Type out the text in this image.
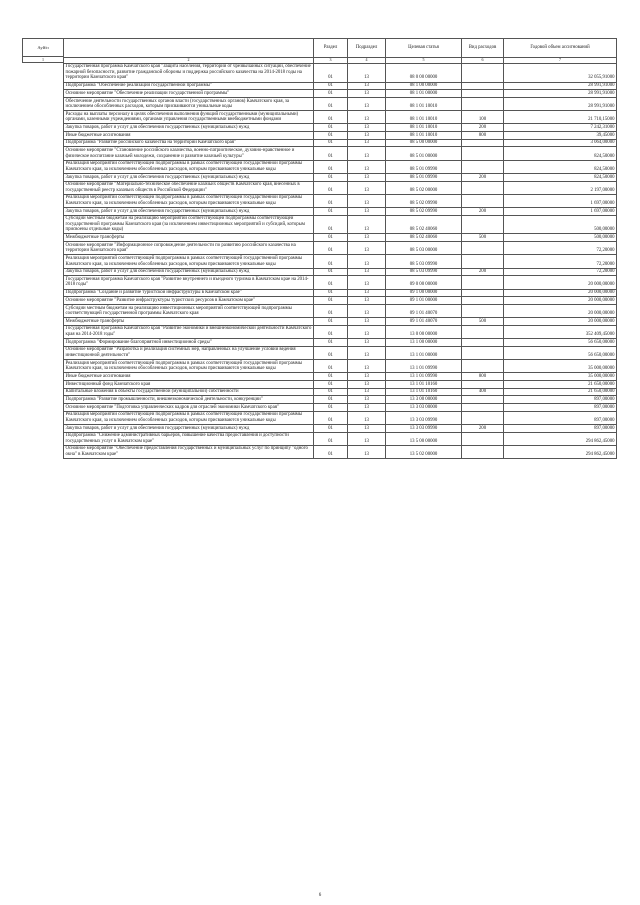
Ауй/п
1
	Раздел	Подраздел	Целевая статья	Вид расходов	Годовой объем ассигнований
2	3	4	5	6	7
Государственная программа Камчатского края "Защита населения, территорий от чрезвычайных ситуаций, обеспечение пожарной безопасности, развитие гражданской обороны и поддержка российского казачества на 2014-2018 годы на территории Камчатского края"	01	13	08 0 00 00000		32 055,91000
Подпрограмма "Обеспечение реализации государственной программы"	01	13	08 1 00 00000		28 991,91000
Основное мероприятие "Обеспечение реализации государственной программы"	01	13	08 1 01 00000		28 991,91000
Обеспечение деятельности государственных органов власти (государственных органов) Камчатского края, за исключением обособленных расходов, которым присваиваются уникальные коды	01	13	08 1 01 10010		28 991,91000
Расходы на выплаты персоналу в целях обеспечения выполнения функций государственными (муниципальными) органами, казенными учреждениями, органами управления государственными внебюджетными фондами	01	13	08 1 01 10010	100	21 710,15000
Закупка товаров, работ и услуг для обеспечения государственных (муниципальных) нужд	01	13	08 1 01 10010	200	7 242,31000
Иные бюджетные ассигнования	01	13	08 1 01 10010	800	39,45000
Подпрограмма "Развитие российского казачества на территории Камчатского края"	01	13	08 5 00 00000		3 064,00000
Основное мероприятие "Становление российского казачества, военно-патриотическое, духовно-нравственное и физическое воспитание казачьей молодежи, сохранение и развитие казачьей культуры"	01	13	08 5 01 00000		824,50000
Реализация мероприятий соответствующей подпрограммы в рамках соответствующей государственной программы Камчатского края, за исключением обособленных расходов, которым присваиваются уникальные коды	01	13	08 5 01 09990		824,50000
Закупка товаров, работ и услуг для обеспечения государственных (муниципальных) нужд	01	13	08 5 01 09990	200	824,50000
Основное мероприятие "Материально-техническое обеспечение казачьих обществ Камчатского края, внесенных в государственный реестр казачьих обществ в Российской Федерации"	01	13	08 5 02 00000		2 197,00000
Реализация мероприятий соответствующей подпрограммы в рамках соответствующей государственной программы Камчатского края, за исключением обособленных расходов, которым присваиваются уникальные коды	01	13	08 5 02 09990		1 697,00000
Закупка товаров, работ и услуг для обеспечения государственных (муниципальных) нужд	01	13	08 5 02 09990	200	1 697,00000
Субсидии местным бюджетам на реализацию мероприятий соответствующей подпрограммы соответствующей государственной программы Камчатского края (за исключением инвестиционных мероприятий и субсидий, которым присвоены отдельные коды)	01	13	08 5 02 40060		500,00000
Межбюджетные трансферты	01	13	08 5 02 40060	500	500,00000
Основное мероприятие "Информационное сопровождение деятельности по развитию российского казачества на территории Камчатского края"	01	13	08 5 03 00000		72,20000
Реализация мероприятий соответствующей подпрограммы в рамках соответствующей государственной программы Камчатского края, за исключением обособленных расходов, которым присваиваются уникальные коды	01	13	08 5 03 09990		72,20000
Закупка товаров, работ и услуг для обеспечения государственных (муниципальных) нужд	01	13	08 5 03 09990	200	72,20000
Государственная программа Камчатского края "Развитие внутреннего и въездного туризма в Камчатском крае на 2014-2018 годы"	01	13	09 0 00 00000		20 000,00000
Подпрограмма "Создание и развитие туристской инфраструктуры в Камчатском крае"	01	13	09 1 00 00000		20 000,00000
Основное мероприятие "Развитие инфраструктуры туристских ресурсов в Камчатском крае"	01	13	09 1 01 00000		20 000,00000
Субсидии местным бюджетам на реализацию инвестиционных мероприятий соответствующей подпрограммы соответствующей государственной программы Камчатского края	01	13	09 1 01 40070		20 000,00000
Межбюджетные трансферты	01	13	09 1 01 40070	500	20 000,00000
Государственная программа Камчатского края "Развитие экономики и внешнеэкономической деятельности Камчатского края на 2014-2018 годы"	01	13	13 0 00 00000		352 409,45000
Подпрограмма "Формирование благоприятной инвестиционной среды"	01	13	13 1 00 00000		56 650,00000
Основное мероприятие "Разработка и реализация системных мер, направленных на улучшение условий ведения инвестиционной деятельности"	01	13	13 1 01 00000		56 650,00000
Реализация мероприятий соответствующей подпрограммы в рамках соответствующей государственной программы Камчатского края, за исключением обособленных расходов, которым присваиваются уникальные коды	01	13	13 1 01 09990		35 000,00000
Иные бюджетные ассигнования	01	13	13 1 01 09990	800	35 000,00000
Инвестиционный фонд Камчатского края	01	13	13 1 01 10160		21 650,00000
Капитальные вложения в объекты государственной (муниципальной) собственности	01	13	13 1 01 10160	400	21 650,00000
Подпрограмма "Развитие промышленности, внешнеэкономической деятельности, конкуренции"	01	13	13 3 00 00000		897,00000
Основное мероприятие "Подготовка управленческих кадров для отраслей экономики Камчатского края"	01	13	13 3 03 00000		897,00000
Реализация мероприятий соответствующей подпрограммы в рамках соответствующей государственной программы Камчатского края, за исключением обособленных расходов, которым присваиваются уникальные коды	01	13	13 3 03 09990		897,00000
Закупка товаров, работ и услуг для обеспечения государственных (муниципальных) нужд	01	13	13 3 03 09990	200	897,00000
Подпрограмма "Снижение административных барьеров, повышение качества предоставления и доступности государственных услуг в Камчатском крае"	01	13	13 5 00 00000		294 862,45000
Основное мероприятие "Обеспечение предоставления государственных и муниципальных услуг по принципу "одного окна" в Камчатском крае"	01	13	13 5 02 00000		294 862,45000
6
